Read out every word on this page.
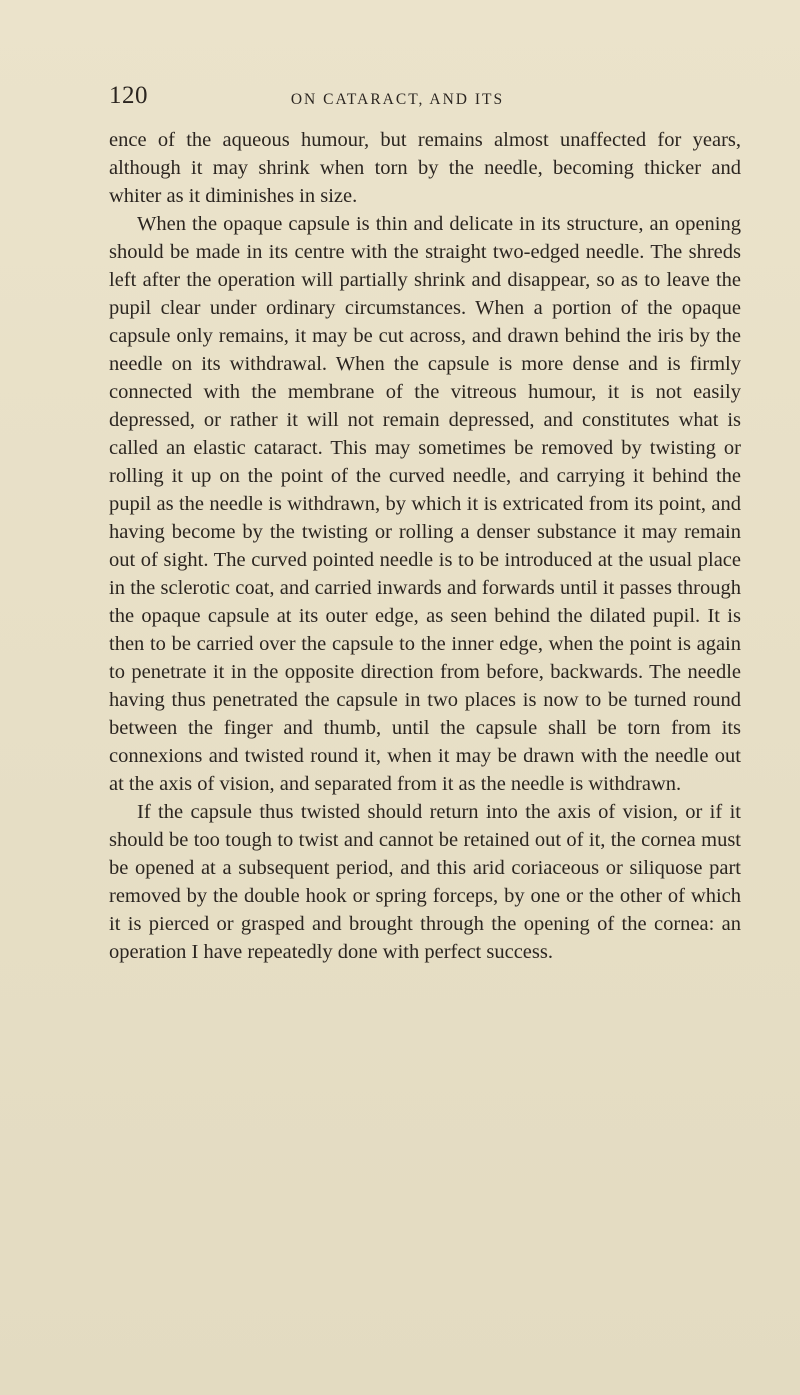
120	ON CATARACT, AND ITS

ence of the aqueous humour, but remains almost unaffected for years, although it may shrink when torn by the needle, becoming thicker and whiter as it diminishes in size.

When the opaque capsule is thin and delicate in its structure, an opening should be made in its centre with the straight two-edged needle. The shreds left after the operation will partially shrink and disappear, so as to leave the pupil clear under ordinary circumstances. When a portion of the opaque capsule only remains, it may be cut across, and drawn behind the iris by the needle on its withdrawal. When the capsule is more dense and is firmly connected with the membrane of the vitreous humour, it is not easily depressed, or rather it will not remain depressed, and constitutes what is called an elastic cataract. This may sometimes be removed by twisting or rolling it up on the point of the curved needle, and carrying it behind the pupil as the needle is withdrawn, by which it is extricated from its point, and having become by the twisting or rolling a denser substance it may remain out of sight. The curved pointed needle is to be introduced at the usual place in the sclerotic coat, and carried inwards and forwards until it passes through the opaque capsule at its outer edge, as seen behind the dilated pupil. It is then to be carried over the capsule to the inner edge, when the point is again to penetrate it in the opposite direction from before, backwards. The needle having thus penetrated the capsule in two places is now to be turned round between the finger and thumb, until the capsule shall be torn from its connexions and twisted round it, when it may be drawn with the needle out at the axis of vision, and separated from it as the needle is withdrawn.

If the capsule thus twisted should return into the axis of vision, or if it should be too tough to twist and cannot be retained out of it, the cornea must be opened at a subsequent period, and this arid coriaceous or siliquose part removed by the double hook or spring forceps, by one or the other of which it is pierced or grasped and brought through the opening of the cornea: an operation I have repeatedly done with perfect success.
